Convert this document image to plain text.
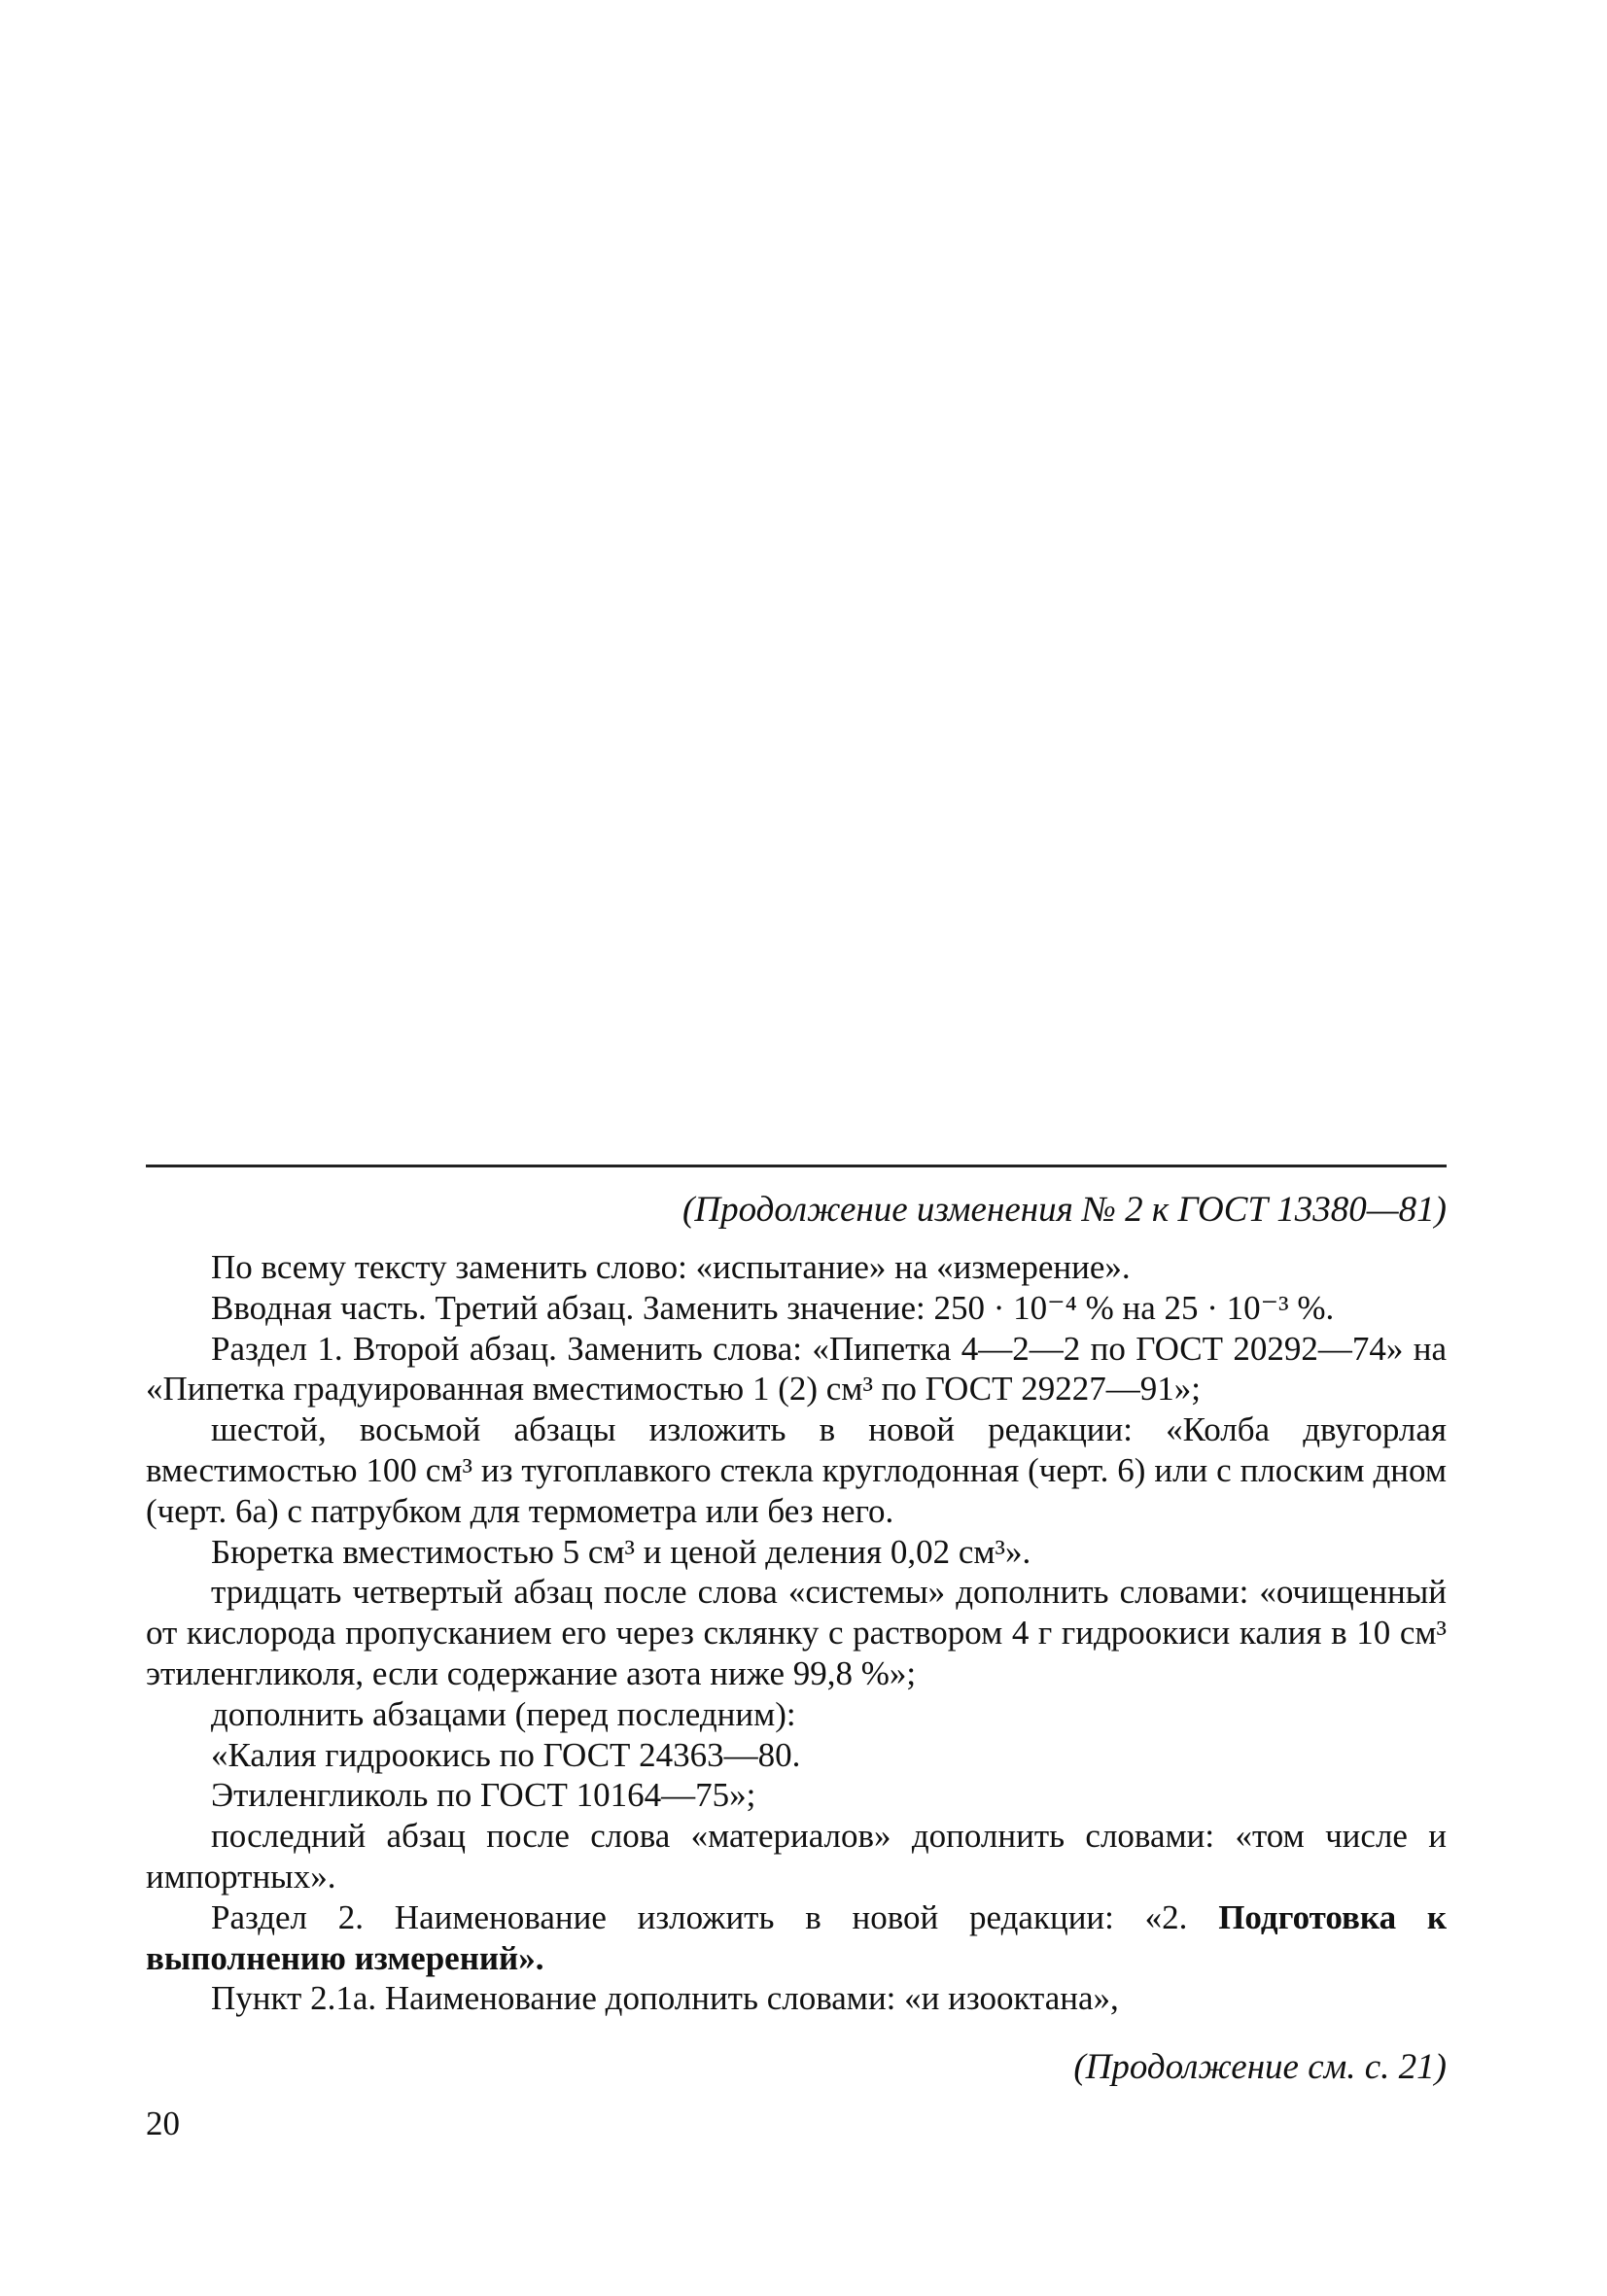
(Продолжение изменения № 2 к ГОСТ 13380—81)

По всему тексту заменить слово: «испытание» на «измерение».

Вводная часть. Третий абзац. Заменить значение: 250 · 10⁻⁴ % на 25 · 10⁻³ %.

Раздел 1. Второй абзац. Заменить слова: «Пипетка 4—2—2 по ГОСТ 20292—74» на «Пипетка градуированная вместимостью 1 (2) см³ по ГОСТ 29227—91»;

шестой, восьмой абзацы изложить в новой редакции: «Колба двугорлая вместимостью 100 см³ из тугоплавкого стекла круглодонная (черт. 6) или с плоским дном (черт. 6а) с патрубком для термометра или без него.

Бюретка вместимостью 5 см³ и ценой деления 0,02 см³».

тридцать четвертый абзац после слова «системы» дополнить словами: «очищенный от кислорода пропусканием его через склянку с раствором 4 г гидроокиси калия в 10 см³ этиленгликоля, если содержание азота ниже 99,8 %»;

дополнить абзацами (перед последним):

«Калия гидроокись по ГОСТ 24363—80.

Этиленгликоль по ГОСТ 10164—75»;

последний абзац после слова «материалов» дополнить словами: «том числе и импортных».

Раздел 2. Наименование изложить в новой редакции: «2. Подготовка к выполнению измерений».

Пункт 2.1а. Наименование дополнить словами: «и изооктана»,

(Продолжение см. с. 21)
20
